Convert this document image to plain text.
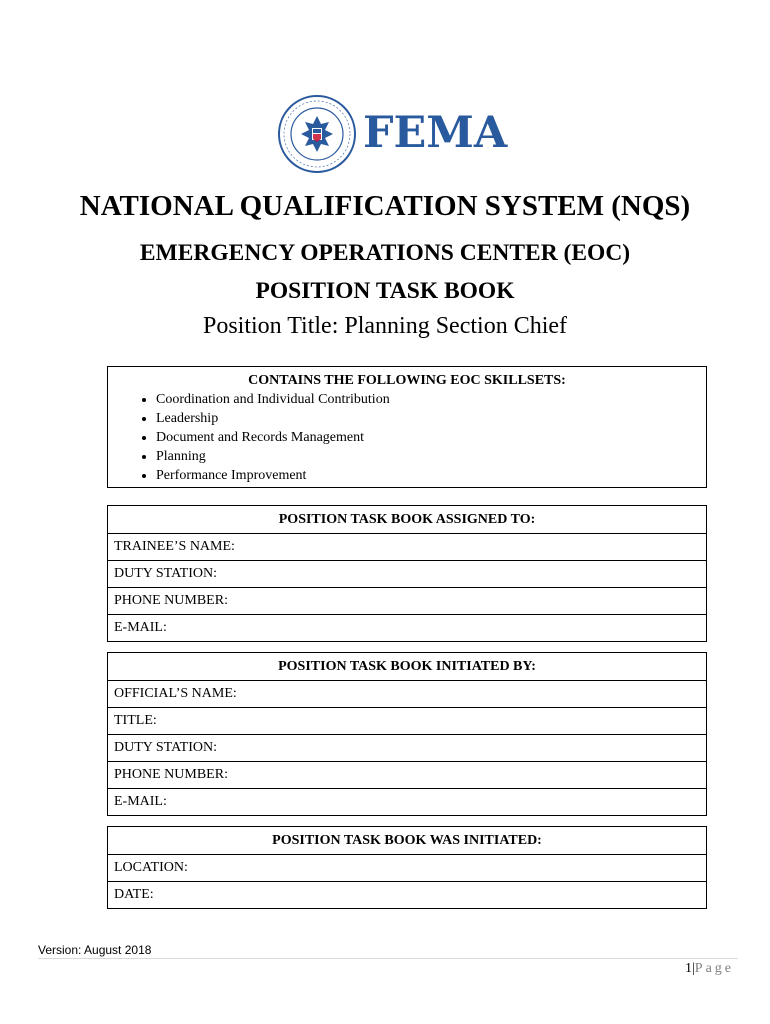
FEMA
NATIONAL QUALIFICATION SYSTEM (NQS)
EMERGENCY OPERATIONS CENTER (EOC)
POSITION TASK BOOK
Position Title: Planning Section Chief
CONTAINS THE FOLLOWING EOC SKILLSETS:
• Coordination and Individual Contribution
• Leadership
• Document and Records Management
• Planning
• Performance Improvement
POSITION TASK BOOK ASSIGNED TO:
TRAINEE’S NAME:
DUTY STATION:
PHONE NUMBER:
E-MAIL:
POSITION TASK BOOK INITIATED BY:
OFFICIAL’S NAME:
TITLE:
DUTY STATION:
PHONE NUMBER:
E-MAIL:
POSITION TASK BOOK WAS INITIATED:
LOCATION:
DATE:
Version: August 2018
1|Page
